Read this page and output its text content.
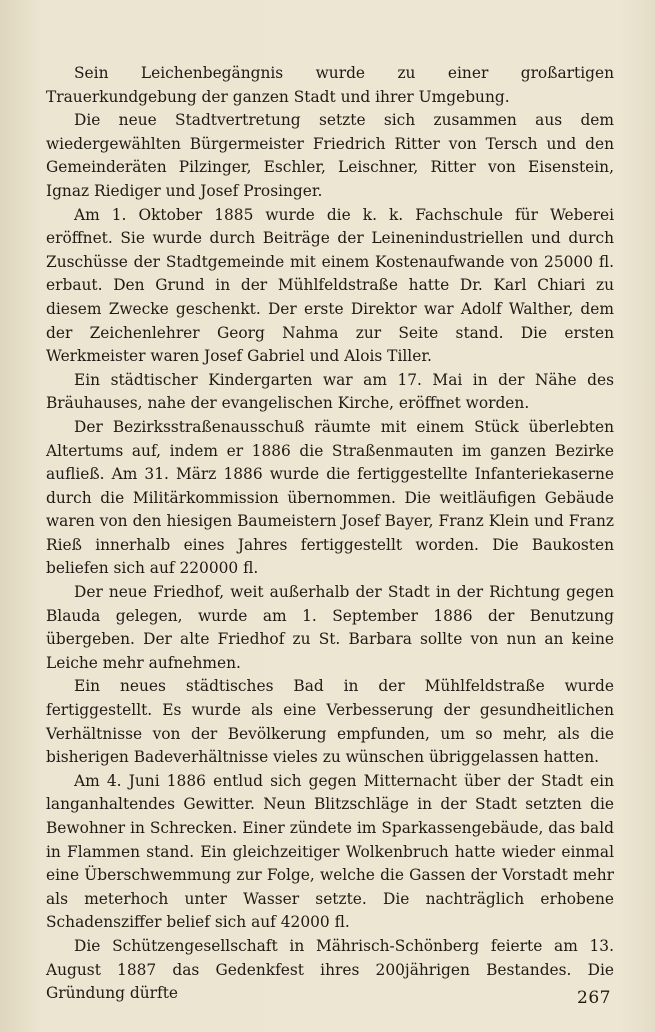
Sein Leichenbegängnis wurde zu einer großartigen Trauerkundgebung der ganzen Stadt und ihrer Umgebung.

Die neue Stadtvertretung setzte sich zusammen aus dem wiedergewählten Bürgermeister Friedrich Ritter von Tersch und den Gemeinderäten Pilzinger, Eschler, Leischner, Ritter von Eisenstein, Ignaz Riediger und Josef Prosinger.

Am 1. Oktober 1885 wurde die k. k. Fachschule für Weberei eröffnet. Sie wurde durch Beiträge der Leinenindustriellen und durch Zuschüsse der Stadtgemeinde mit einem Kostenaufwande von 25000 fl. erbaut. Den Grund in der Mühlfeldstraße hatte Dr. Karl Chiari zu diesem Zwecke geschenkt. Der erste Direktor war Adolf Walther, dem der Zeichenlehrer Georg Nahma zur Seite stand. Die ersten Werkmeister waren Josef Gabriel und Alois Tiller.

Ein städtischer Kindergarten war am 17. Mai in der Nähe des Bräuhauses, nahe der evangelischen Kirche, eröffnet worden.

Der Bezirksstraßenausschuß räumte mit einem Stück überlebten Altertums auf, indem er 1886 die Straßenmauten im ganzen Bezirke aufließ. Am 31. März 1886 wurde die fertiggestellte Infanteriekaserne durch die Militärkommission übernommen. Die weitläufigen Gebäude waren von den hiesigen Baumeistern Josef Bayer, Franz Klein und Franz Rieß innerhalb eines Jahres fertiggestellt worden. Die Baukosten beliefen sich auf 220000 fl.

Der neue Friedhof, weit außerhalb der Stadt in der Richtung gegen Blauda gelegen, wurde am 1. September 1886 der Benutzung übergeben. Der alte Friedhof zu St. Barbara sollte von nun an keine Leiche mehr aufnehmen.

Ein neues städtisches Bad in der Mühlfeldstraße wurde fertiggestellt. Es wurde als eine Verbesserung der gesundheitlichen Verhältnisse von der Bevölkerung empfunden, um so mehr, als die bisherigen Badeverhältnisse vieles zu wünschen übriggelassen hatten.

Am 4. Juni 1886 entlud sich gegen Mitternacht über der Stadt ein langanhaltendes Gewitter. Neun Blitzschläge in der Stadt setzten die Bewohner in Schrecken. Einer zündete im Sparkassengebäude, das bald in Flammen stand. Ein gleichzeitiger Wolkenbruch hatte wieder einmal eine Überschwemmung zur Folge, welche die Gassen der Vorstadt mehr als meterhoch unter Wasser setzte. Die nachträglich erhobene Schadensziffer belief sich auf 42000 fl.

Die Schützengesellschaft in Mährisch-Schönberg feierte am 13. August 1887 das Gedenkfest ihres 200jährigen Bestandes. Die Gründung dürfte	267
